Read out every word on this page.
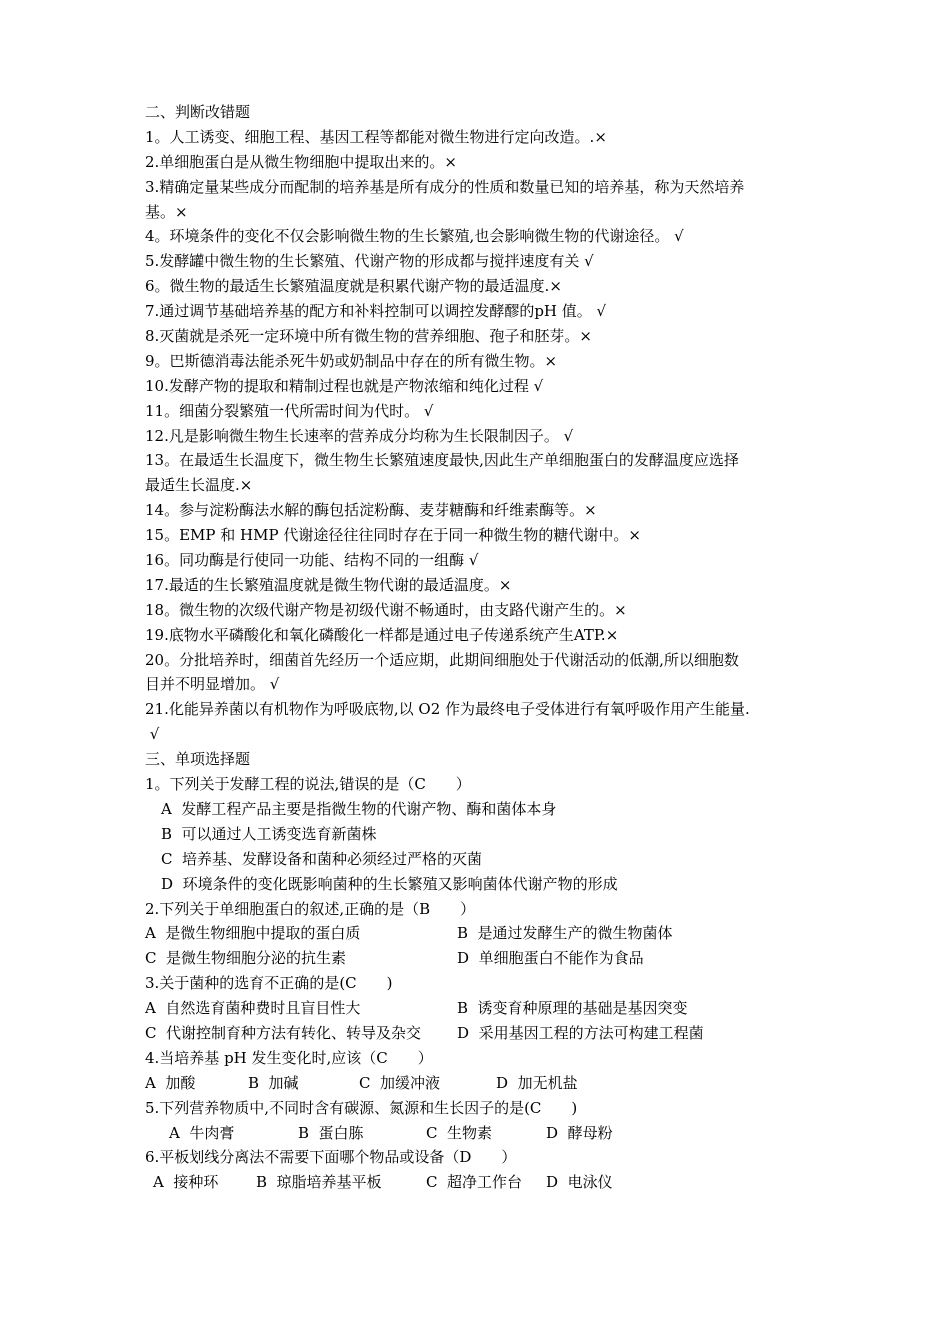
二、判断改错题
1。人工诱变、细胞工程、基因工程等都能对微生物进行定向改造。.×
2.单细胞蛋白是从微生物细胞中提取出来的。×
3.精确定量某些成分而配制的培养基是所有成分的性质和数量已知的培养基，称为天然培养
基。×
4。环境条件的变化不仅会影响微生物的生长繁殖,也会影响微生物的代谢途径。 √
5.发酵罐中微生物的生长繁殖、代谢产物的形成都与搅拌速度有关 √
6。微生物的最适生长繁殖温度就是积累代谢产物的最适温度.×
7.通过调节基础培养基的配方和补料控制可以调控发酵醪的pH 值。 √
8.灭菌就是杀死一定环境中所有微生物的营养细胞、孢子和胚芽。×
9。巴斯德消毒法能杀死牛奶或奶制品中存在的所有微生物。×
10.发酵产物的提取和精制过程也就是产物浓缩和纯化过程 √
11。细菌分裂繁殖一代所需时间为代时。 √
12.凡是影响微生物生长速率的营养成分均称为生长限制因子。 √
13。在最适生长温度下，微生物生长繁殖速度最快,因此生产单细胞蛋白的发酵温度应选择
最适生长温度.×
14。参与淀粉酶法水解的酶包括淀粉酶、麦芽糖酶和纤维素酶等。×
15。EMP 和 HMP 代谢途径往往同时存在于同一种微生物的糖代谢中。×
16。同功酶是行使同一功能、结构不同的一组酶 √
17.最适的生长繁殖温度就是微生物代谢的最适温度。×
18。微生物的次级代谢产物是初级代谢不畅通时，由支路代谢产生的。×
19.底物水平磷酸化和氧化磷酸化一样都是通过电子传递系统产生ATP.×
20。分批培养时，细菌首先经历一个适应期，此期间细胞处于代谢活动的低潮,所以细胞数
目并不明显增加。 √
21.化能异养菌以有机物作为呼吸底物,以 O2 作为最终电子受体进行有氧呼吸作用产生能量.
√
三、单项选择题
1。下列关于发酵工程的说法,错误的是（C　　）
A  发酵工程产品主要是指微生物的代谢产物、酶和菌体本身
B  可以通过人工诱变选育新菌株
C  培养基、发酵设备和菌种必须经过严格的灭菌
D  环境条件的变化既影响菌种的生长繁殖又影响菌体代谢产物的形成
2.下列关于单细胞蛋白的叙述,正确的是（B　　）
A  是微生物细胞中提取的蛋白质	B  是通过发酵生产的微生物菌体
C  是微生物细胞分泌的抗生素	D  单细胞蛋白不能作为食品
3.关于菌种的选育不正确的是(C　　)
A  自然选育菌种费时且盲目性大	B  诱变育种原理的基础是基因突变
C  代谢控制育种方法有转化、转导及杂交	D  采用基因工程的方法可构建工程菌
4.当培养基 pH 发生变化时,应该（C　　）
A  加酸	B  加碱	C  加缓冲液	D  加无机盐
5.下列营养物质中,不同时含有碳源、氮源和生长因子的是(C　　)
A  牛肉膏	B  蛋白胨	C  生物素	D  酵母粉
6.平板划线分离法不需要下面哪个物品或设备（D　　）
A  接种环	B  琼脂培养基平板	C  超净工作台	D  电泳仪
